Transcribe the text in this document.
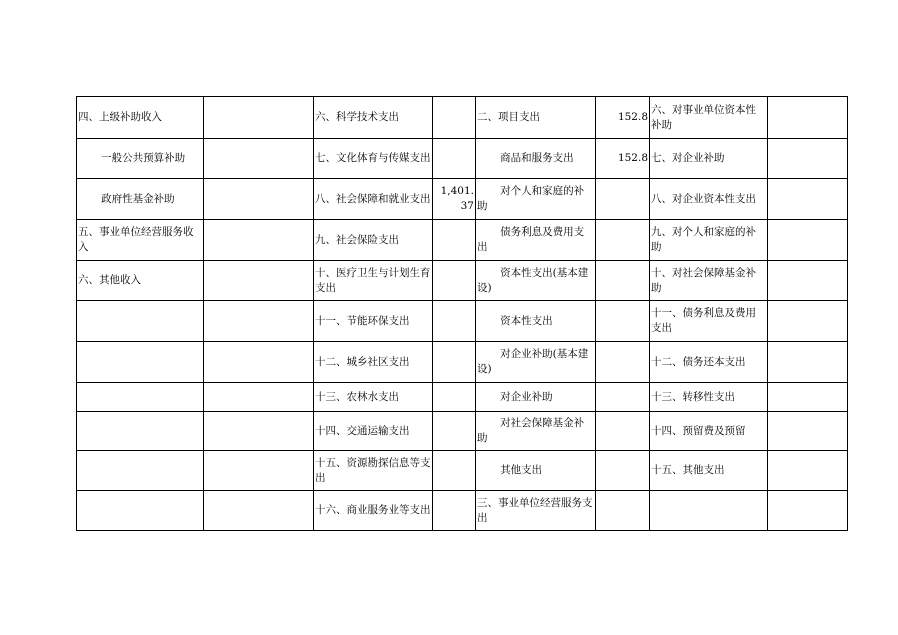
四、上级补助收入		六、科学技术支出		二、项目支出	152.8	六、对事业单位资本性补助	
一般公共预算补助		七、文化体育与传媒支出		商品和服务支出	152.8	七、对企业补助	
政府性基金补助		八、社会保障和就业支出	1,401.37	对个人和家庭的补助		八、对企业资本性支出	
五、事业单位经营服务收入		九、社会保险支出		债务利息及费用支出		九、对个人和家庭的补助	
六、其他收入		十、医疗卫生与计划生育支出		资本性支出(基本建设)		十、对社会保障基金补助	
		十一、节能环保支出		资本性支出		十一、债务利息及费用支出	
		十二、城乡社区支出		对企业补助(基本建设)		十二、债务还本支出	
		十三、农林水支出		对企业补助		十三、转移性支出	
		十四、交通运输支出		对社会保障基金补助		十四、预留费及预留	
		十五、资源勘探信息等支出		其他支出		十五、其他支出	
		十六、商业服务业等支出		三、事业单位经营服务支出			
